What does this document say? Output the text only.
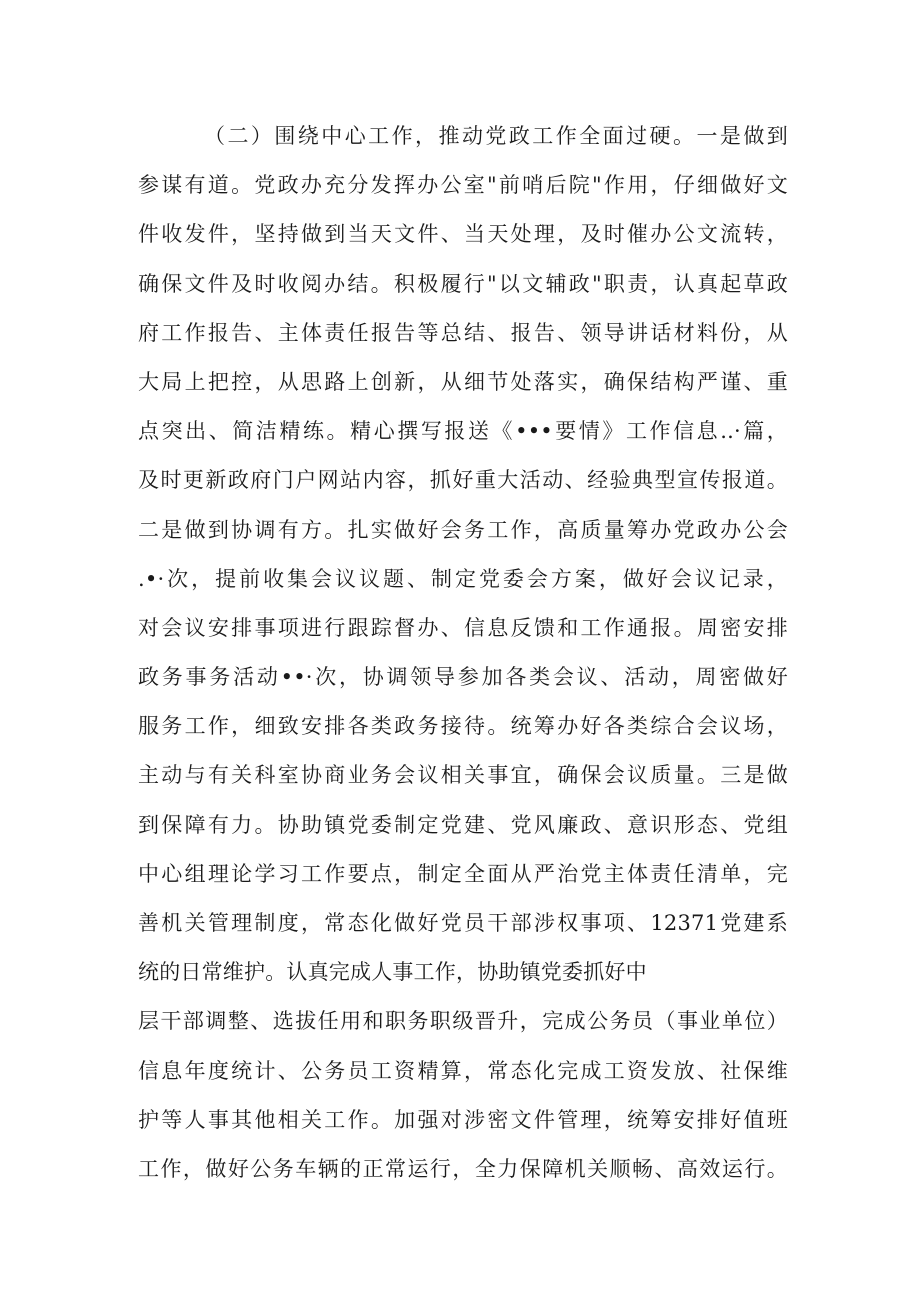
（二）围绕中心工作，推动党政工作全面过硬。一是做到
参谋有道。党政办充分发挥办公室"前哨后院"作用，仔细做好文
件收发件，坚持做到当天文件、当天处理，及时催办公文流转，
确保文件及时收阅办结。积极履行"以文辅政"职责，认真起草政
府工作报告、主体责任报告等总结、报告、领导讲话材料份，从
大局上把控，从思路上创新，从细节处落实，确保结构严谨、重
点突出、简洁精练。精心撰写报送《•••要情》工作信息..·篇，
及时更新政府门户网站内容，抓好重大活动、经验典型宣传报道。
二是做到协调有方。扎实做好会务工作，高质量筹办党政办公会
.•·次，提前收集会议议题、制定党委会方案，做好会议记录，
对会议安排事项进行跟踪督办、信息反馈和工作通报。周密安排
政务事务活动••·次，协调领导参加各类会议、活动，周密做好
服务工作，细致安排各类政务接待。统筹办好各类综合会议场，
主动与有关科室协商业务会议相关事宜，确保会议质量。三是做
到保障有力。协助镇党委制定党建、党风廉政、意识形态、党组
中心组理论学习工作要点，制定全面从严治党主体责任清单，完
善机关管理制度，常态化做好党员干部涉权事项、12371党建系
统的日常维护。认真完成人事工作，协助镇党委抓好中
层干部调整、选拔任用和职务职级晋升，完成公务员（事业单位）
信息年度统计、公务员工资精算，常态化完成工资发放、社保维
护等人事其他相关工作。加强对涉密文件管理，统筹安排好值班
工作，做好公务车辆的正常运行，全力保障机关顺畅、高效运行。
